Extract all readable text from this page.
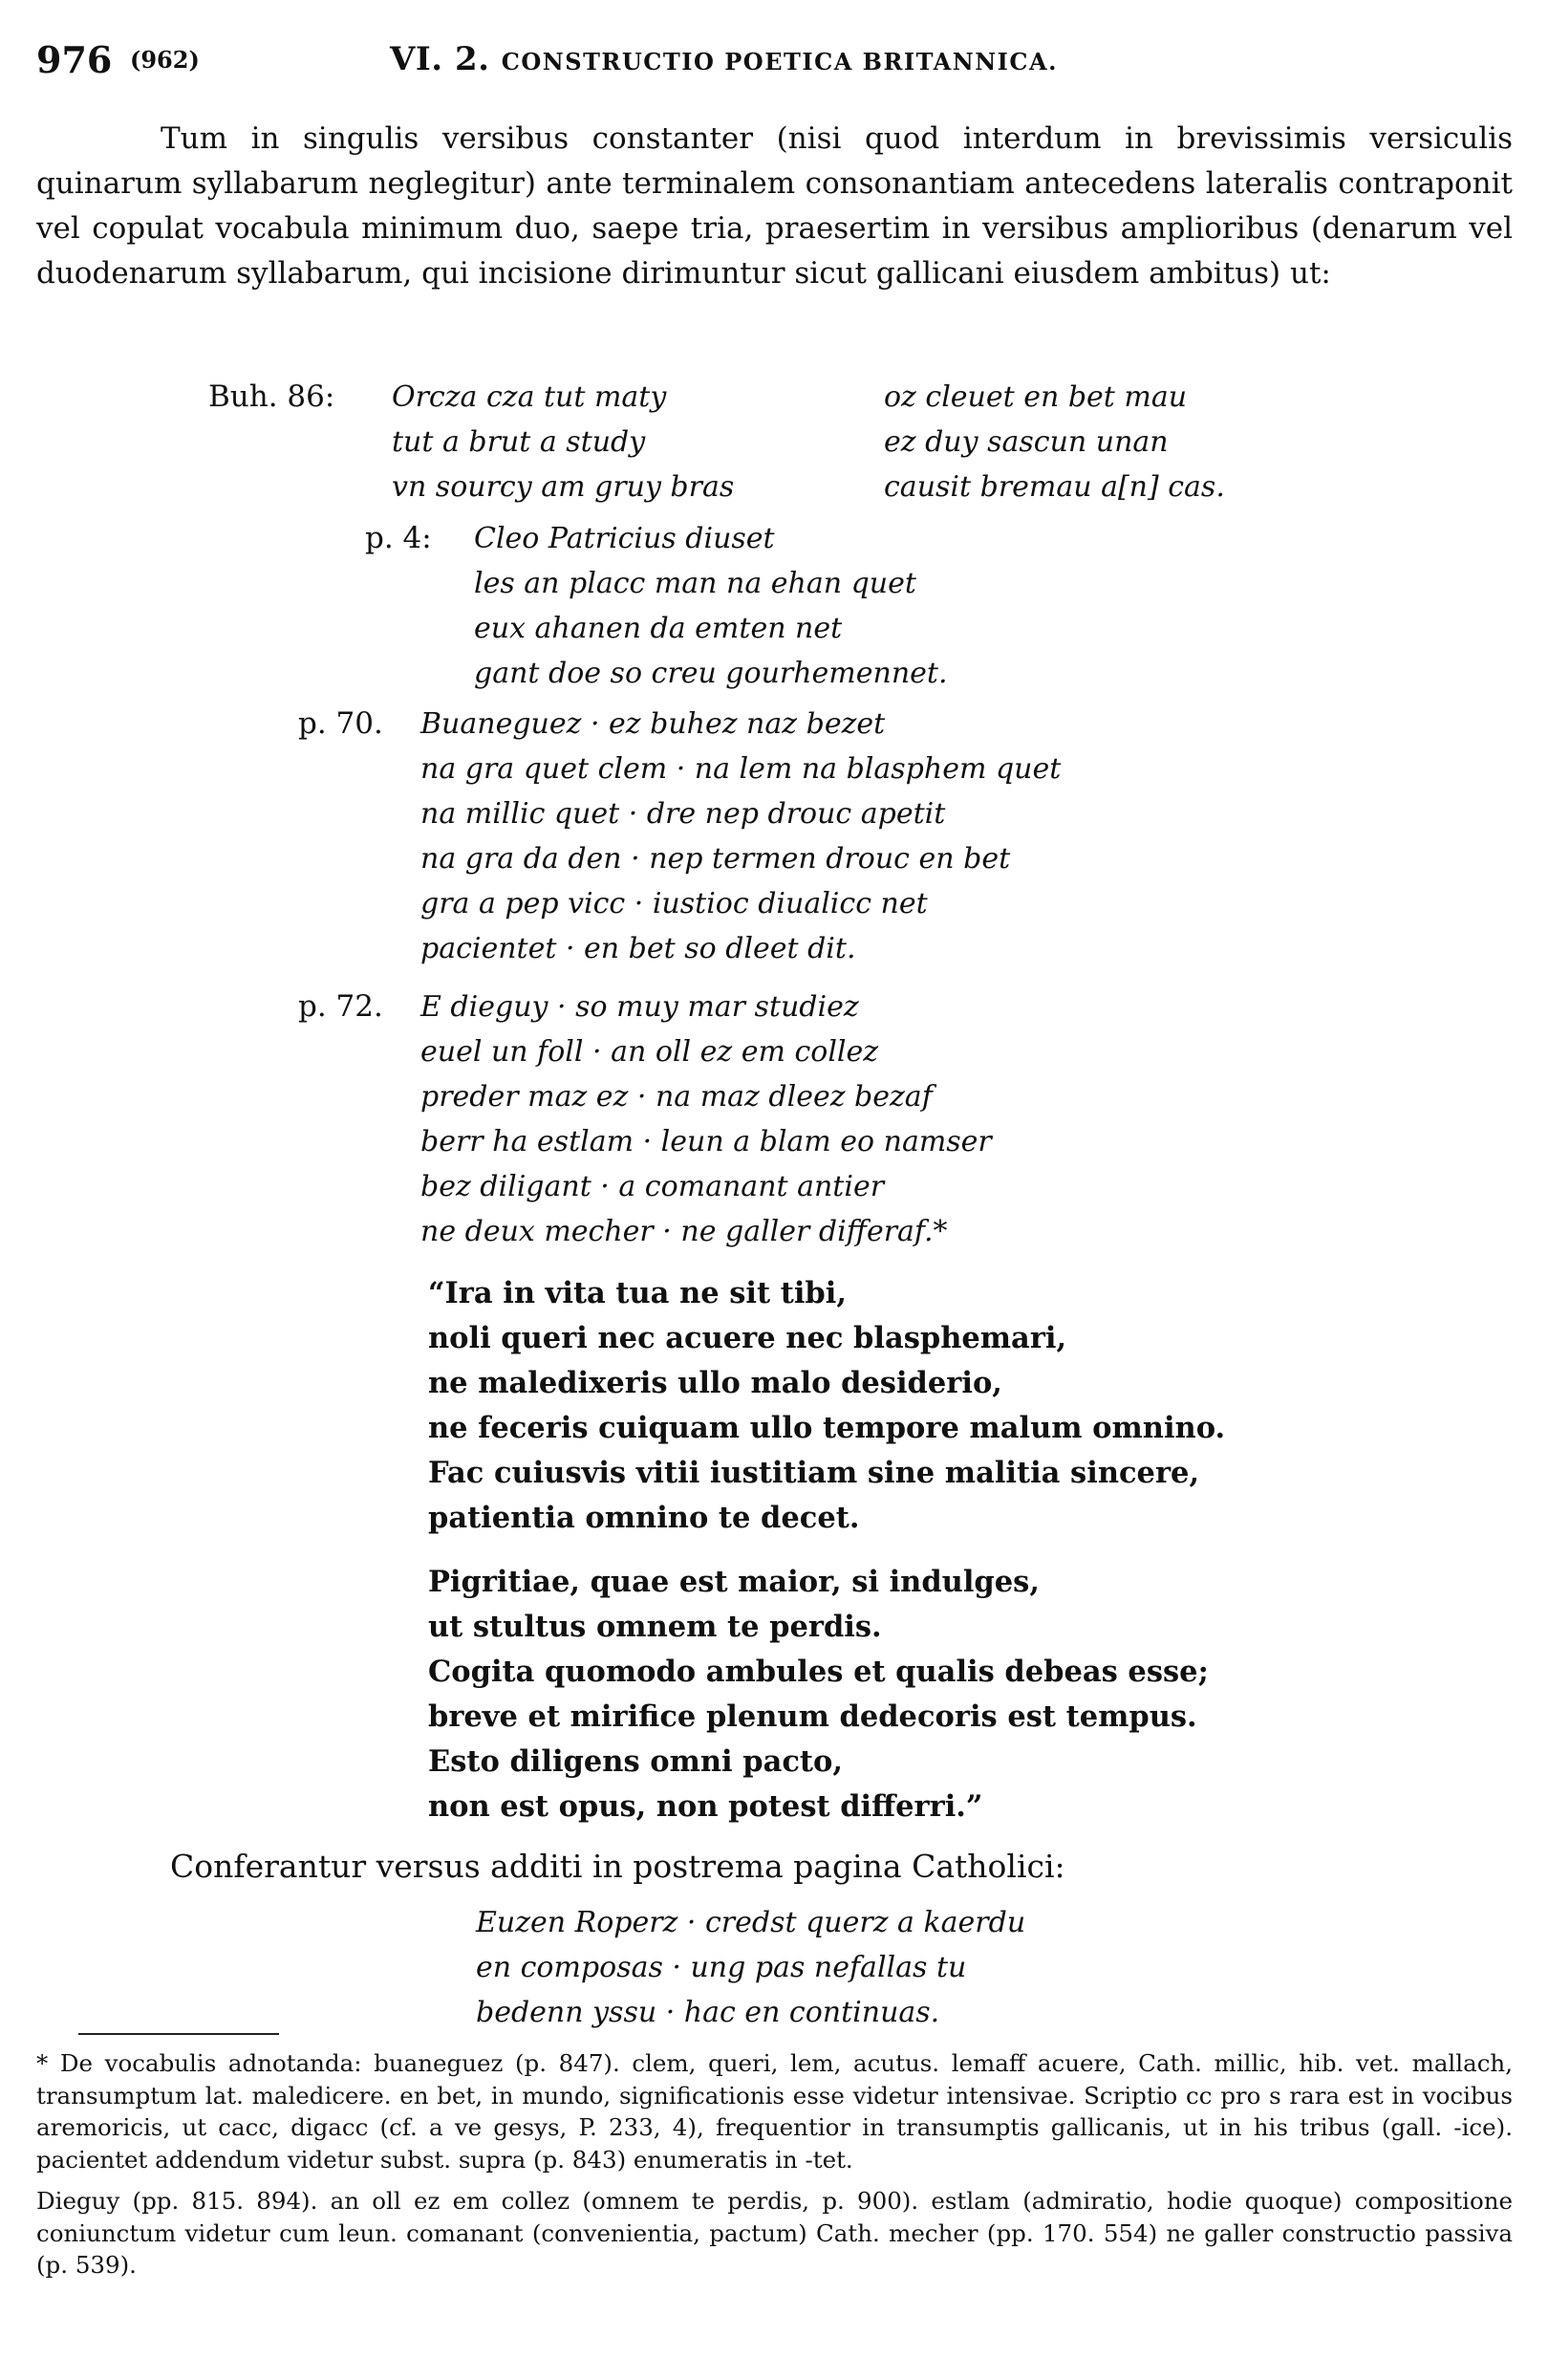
976 (962)	VI. 2. CONSTRUCTIO POETICA BRITANNICA.
Tum in singulis versibus constanter (nisi quod interdum in brevissimis versiculis quinarum syllabarum neglegitur) ante terminalem consonantiam antecedens lateralis contraponit vel copulat vocabula minimum duo, saepe tria, praesertim in versibus amplioribus (denarum vel duodenarum syllabarum, qui incisione dirimuntur sicut gallicani eiusdem ambitus) ut:
Buh. 86: Orcza cza tut maty
tut a brut a study
vn sourcy am gruy bras
oz cleuet en bet mau
ez duy sascun unan
causit bremau a[n] cas.
p. 4: Cleo Patricius diuset
les an placc man na ehan quet
eux ahanen da emten net
gant doe so creu gourhemennet.
p. 70. Buaneguez · ez buhez naz bezet
na gra quet clem · na lem na blasphem quet
na millic quet · dre nep drouc apetit
na gra da den · nep termen drouc en bet
gra a pep vicc · iustioc diualicc net
pacientet · en bet so dleet dit.
p. 72. E dieguy · so muy mar studiez
euel un foll · an oll ez em collez
preder maz ez · na maz dleez bezaf
berr ha estlam · leun a blam eo namser
bez diligant · a comanant antier
ne deux mecher · ne galler differaf.*
“Ira in vita tua ne sit tibi,
noli queri nec acuere nec blasphemari,
ne maledixeris ullo malo desiderio,
ne feceris cuiquam ullo tempore malum omnino.
Fac cuiusvis vitii iustitiam sine malitia sincere,
patientia omnino te decet.
Pigritiae, quae est maior, si indulges,
ut stultus omnem te perdis.
Cogita quomodo ambules et qualis debeas esse;
breve et mirifice plenum dedecoris est tempus.
Esto diligens omni pacto,
non est opus, non potest differri.”
Conferantur versus additi in postrema pagina Catholici:
Euzen Roperz · credst querz a kaerdu
en composas · ung pas nefallas tu
bedenn yssu · hac en continuas.

* De vocabulis adnotanda: buaneguez (p. 847). clem, queri, lem, acutus. lemaff acuere, Cath. millic, hib. vet. mallach, transumptum lat. maledicere. en bet, in mundo, significationis esse videtur intensivae. Scriptio cc pro s rara est in vocibus aremoricis, ut cacc, digacc (cf. a ve gesys, P. 233, 4), frequentior in transumptis gallicanis, ut in his tribus (gall. -ice). pacientet addendum videtur subst. supra (p. 843) enumeratis in -tet.

Dieguy (pp. 815. 894). an oll ez em collez (omnem te perdis, p. 900). estlam (admiratio, hodie quoque) compositione coniunctum videtur cum leun. comanant (convenientia, pactum) Cath. mecher (pp. 170. 554) ne galler constructio passiva (p. 539).
